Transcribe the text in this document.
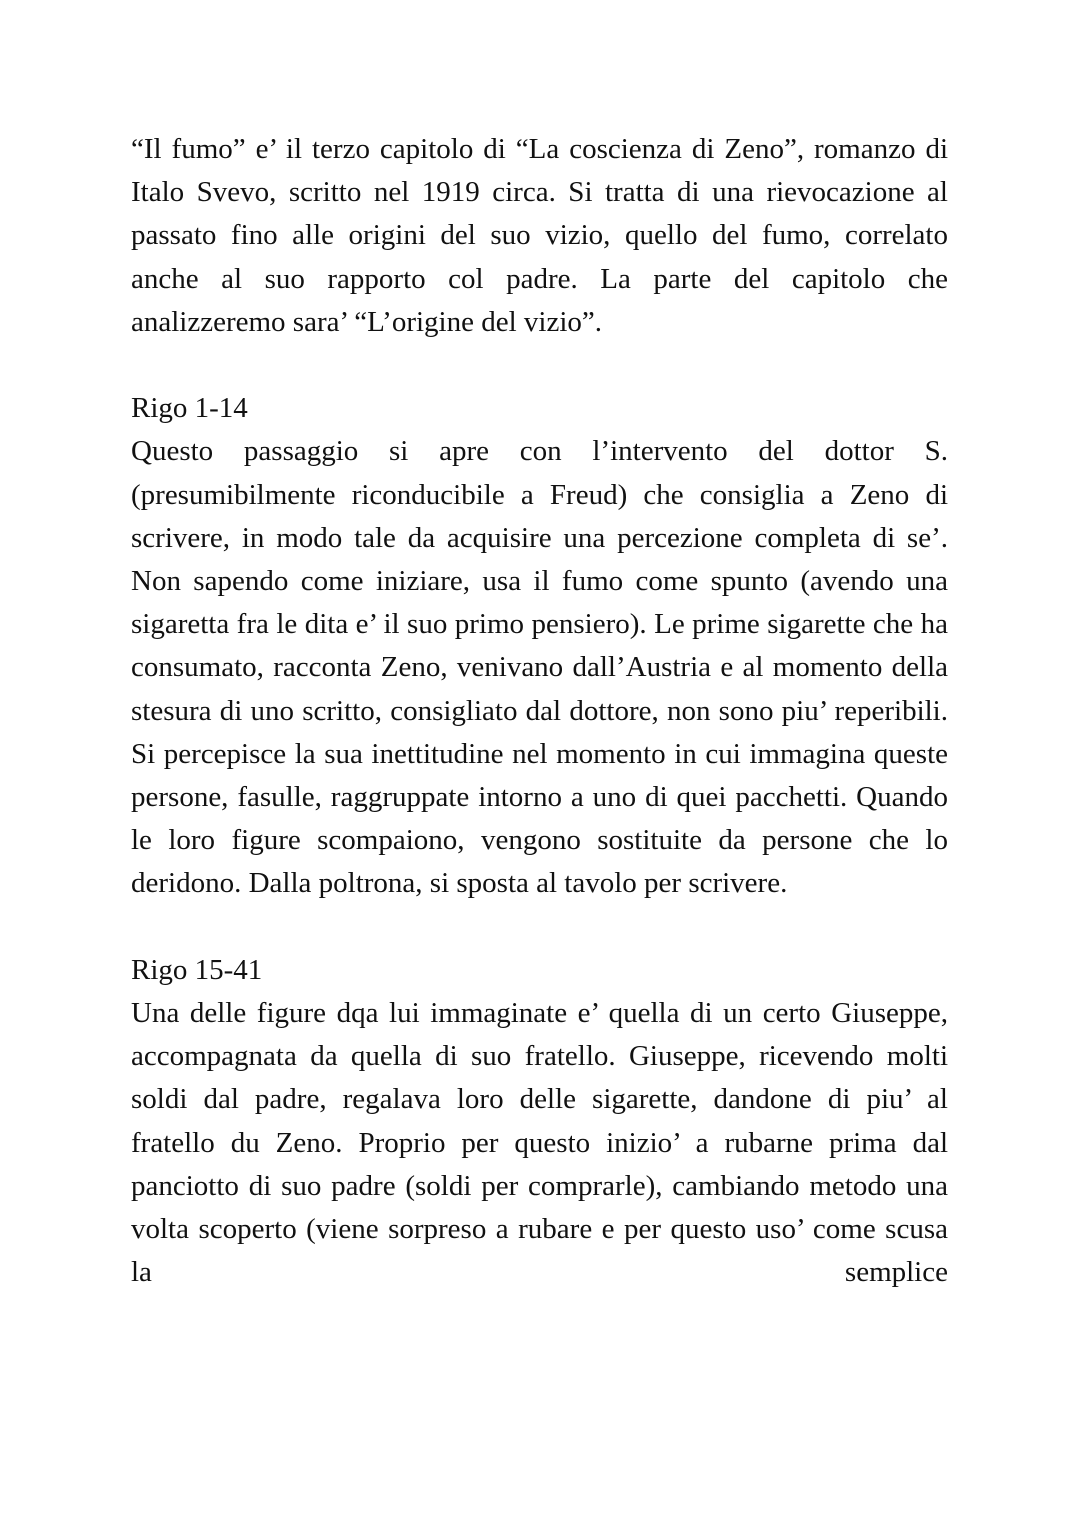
“Il fumo” e’ il terzo capitolo di “La coscienza di Zeno”, romanzo di Italo Svevo, scritto nel 1919 circa. Si tratta di una rievocazione al passato fino alle origini del suo vizio, quello del fumo, correlato anche al suo rapporto col padre. La parte del capitolo che analizzeremo sara’ “L’origine del vizio”.

Rigo 1-14

Questo passaggio si apre con l’intervento del dottor S. (presumibilmente riconducibile a Freud) che consiglia a Zeno di scrivere, in modo tale da acquisire una percezione completa di se’. Non sapendo come iniziare, usa il fumo come spunto (avendo una sigaretta fra le dita e’ il suo primo pensiero). Le prime sigarette che ha consumato, racconta Zeno, venivano dall’Austria e al momento della stesura di uno scritto, consigliato dal dottore, non sono piu’ reperibili. Si percepisce la sua inettitudine nel momento in cui immagina queste persone, fasulle, raggruppate intorno a uno di quei pacchetti. Quando le loro figure scompaiono, vengono sostituite da persone che lo deridono. Dalla poltrona, si sposta al tavolo per scrivere.

Rigo 15-41

Una delle figure dqa lui immaginate e’ quella di un certo Giuseppe, accompagnata da quella di suo fratello. Giuseppe, ricevendo molti soldi dal padre, regalava loro delle sigarette, dandone di piu’ al fratello du Zeno. Proprio per questo inizio’ a rubarne prima dal panciotto di suo padre (soldi per comprarle), cambiando metodo una volta scoperto (viene sorpreso a rubare e per questo uso’ come scusa la semplice
